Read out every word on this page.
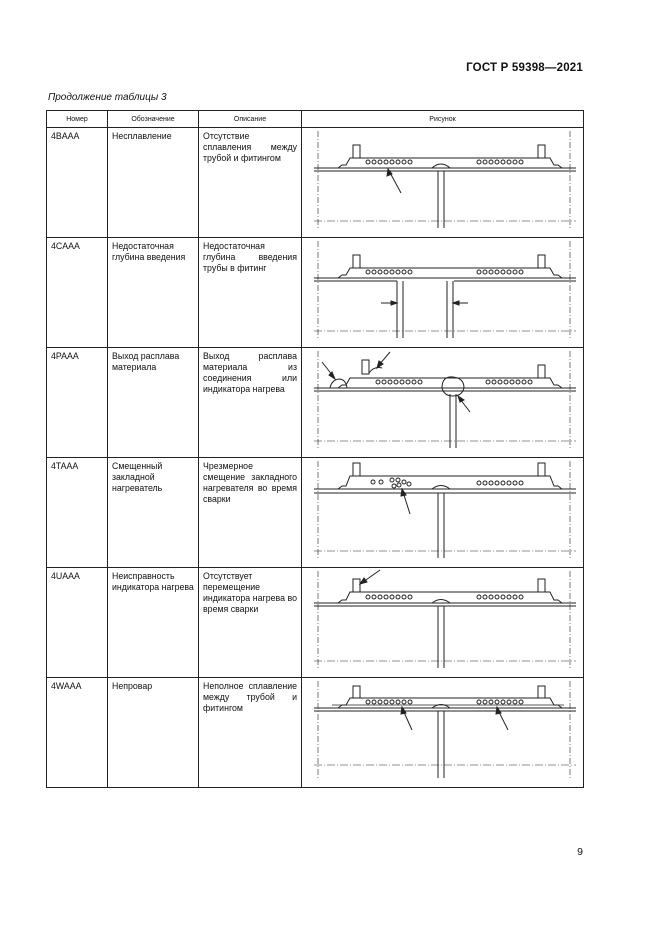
ГОСТ Р 59398—2021
Продолжение таблицы 3
Номер	Обозначение	Описание	Рисунок
4BAAA	Несплавление	Отсутствие сплавления между трубой и фитингом	

4CAAA	Недостаточная глубина введения	Недостаточная глубина введения трубы в фитинг	

4PAAA	Выход расплава материала	Выход расплава материала из соединения или индикатора нагрева	

4TAAA	Смещенный закладной нагреватель	Чрезмерное смещение закладного нагревателя во время сварки	

4UAAA	Неисправность индикатора нагрева	Отсутствует перемещение индикатора нагрева во время сварки	

4WAAA	Непровар	Неполное сплавление между трубой и фитингом	
9
